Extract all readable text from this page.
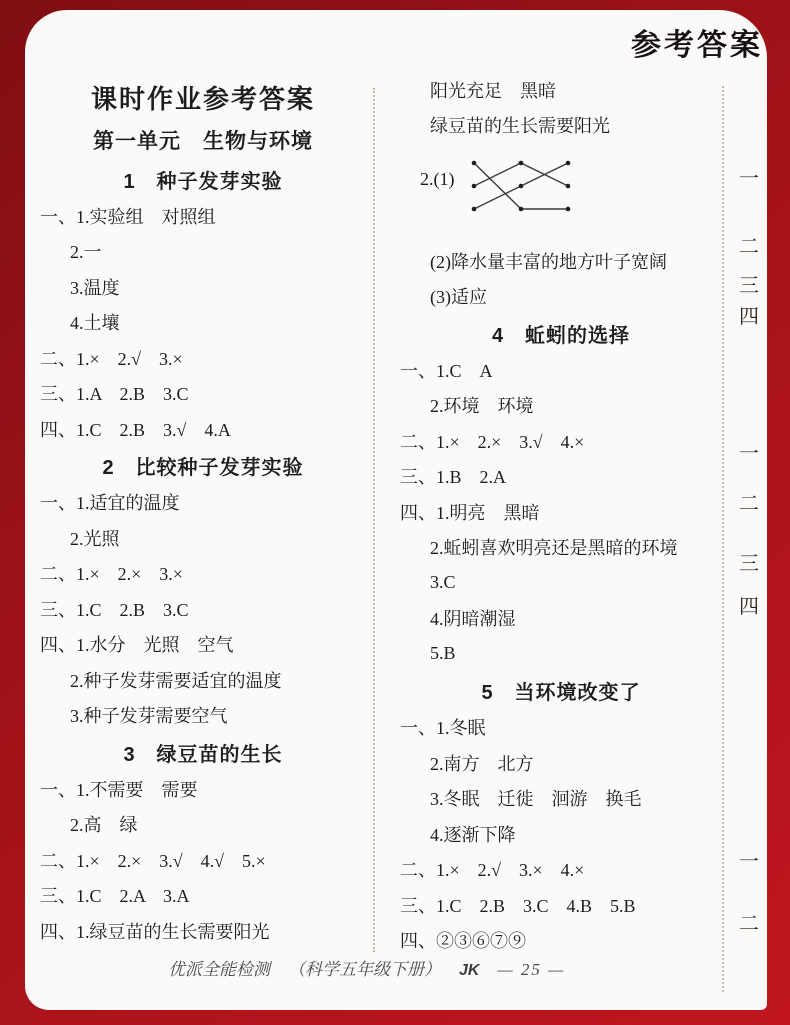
参考答案
课时作业参考答案
第一单元　生物与环境
1　种子发芽实验
一、1.实验组　对照组
2.一
3.温度
4.土壤
二、1.×　2.√　3.×
三、1.A　2.B　3.C
四、1.C　2.B　3.√　4.A
2　比较种子发芽实验
一、1.适宜的温度
2.光照
二、1.×　2.×　3.×
三、1.C　2.B　3.C
四、1.水分　光照　空气
2.种子发芽需要适宜的温度
3.种子发芽需要空气
3　绿豆苗的生长
一、1.不需要　需要
2.高　绿
二、1.×　2.×　3.√　4.√　5.×
三、1.C　2.A　3.A
四、1.绿豆苗的生长需要阳光
阳光充足　黑暗
绿豆苗的生长需要阳光
2.(1)
(2)降水量丰富的地方叶子宽阔
(3)适应
4　蚯蚓的选择
一、1.C　A
2.环境　环境
二、1.×　2.×　3.√　4.×
三、1.B　2.A
四、1.明亮　黑暗
2.蚯蚓喜欢明亮还是黑暗的环境
3.C
4.阴暗潮湿
5.B
5　当环境改变了
一、1.冬眠
2.南方　北方
3.冬眠　迁徙　洄游　换毛
4.逐渐下降
二、1.×　2.√　3.×　4.×
三、1.C　2.B　3.C　4.B　5.B
四、②③⑥⑦⑨
一
二
三
四
一
二
三
四
一
二
优派全能检测 （科学五年级下册） JK — 25 —
